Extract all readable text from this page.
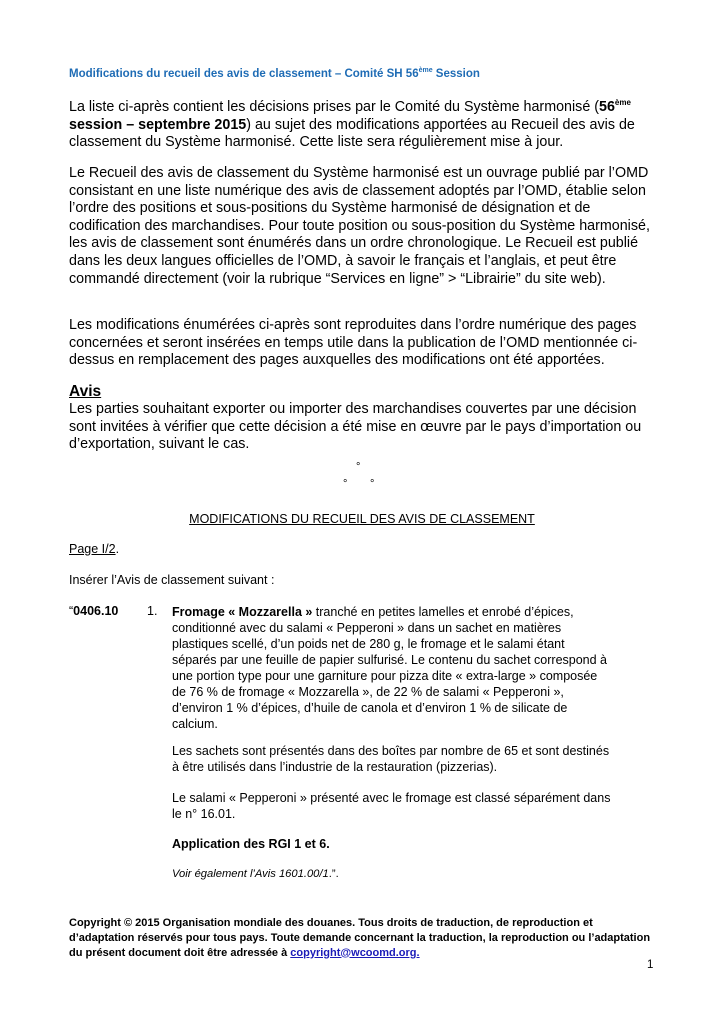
Modifications du recueil des avis de classement – Comité SH 56ème Session
La liste ci-après contient les décisions prises par le Comité du Système harmonisé (56ème session – septembre 2015) au sujet des modifications apportées au Recueil des avis de classement du Système harmonisé. Cette liste sera régulièrement mise à jour.
Le Recueil des avis de classement du Système harmonisé est un ouvrage publié par l’OMD consistant en une liste numérique des avis de classement adoptés par l’OMD, établie selon l’ordre des positions et sous-positions du Système harmonisé de désignation et de codification des marchandises. Pour toute position ou sous-position du Système harmonisé, les avis de classement sont énumérés dans un ordre chronologique. Le Recueil est publié dans les deux langues officielles de l’OMD, à savoir le français et l’anglais, et peut être commandé directement (voir la rubrique “Services en ligne” > “Librairie” du site web).
Les modifications énumérées ci-après sont reproduites dans l’ordre numérique des pages concernées et seront insérées en temps utile dans la publication de l’OMD mentionnée ci-dessus en remplacement des pages auxquelles des modifications ont été apportées.
Avis
Les parties souhaitant exporter ou importer des marchandises couvertes par une décision sont invitées à vérifier que cette décision a été mise en œuvre par le pays d’importation ou d’exportation, suivant le cas.
°
° °
MODIFICATIONS DU RECUEIL DES AVIS DE CLASSEMENT
Page I/2.
Insérer l’Avis de classement suivant :
“0406.10 1. Fromage « Mozzarella » tranché en petites lamelles et enrobé d’épices, conditionné avec du salami « Pepperoni » dans un sachet en matières plastiques scellé, d’un poids net de 280 g, le fromage et le salami étant séparés par une feuille de papier sulfurisé. Le contenu du sachet correspond à une portion type pour une garniture pour pizza dite « extra-large » composée de 76 % de fromage « Mozzarella », de 22 % de salami « Pepperoni », d’environ 1 % d’épices, d’huile de canola et d’environ 1 % de silicate de calcium.
Les sachets sont présentés dans des boîtes par nombre de 65 et sont destinés à être utilisés dans l’industrie de la restauration (pizzerias).
Le salami « Pepperoni » présenté avec le fromage est classé séparément dans le n° 16.01.
Application des RGI 1 et 6.
Voir également l’Avis 1601.00/1.”.
Copyright © 2015 Organisation mondiale des douanes. Tous droits de traduction, de reproduction et d’adaptation réservés pour tous pays. Toute demande concernant la traduction, la reproduction ou l’adaptation du présent document doit être adressée à copyright@wcoomd.org.
1
